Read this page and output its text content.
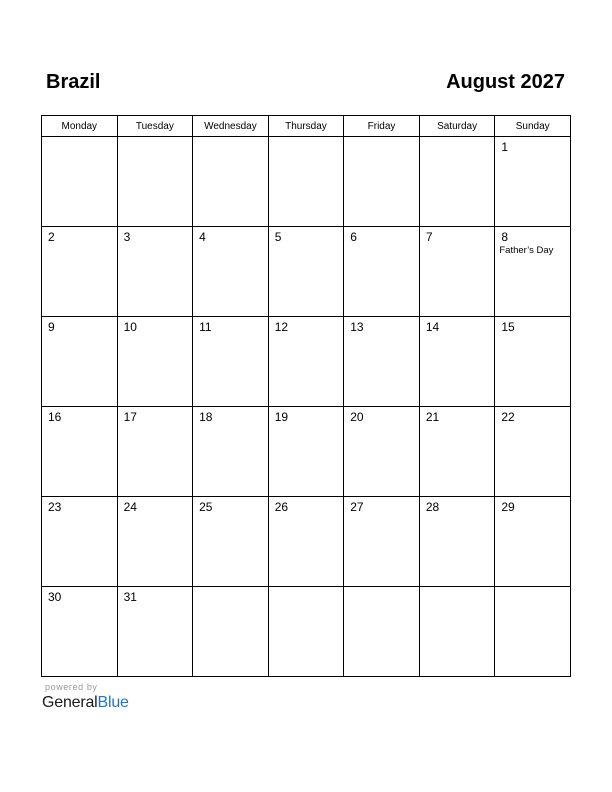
Brazil	August 2027
Monday	Tuesday	Wednesday	Thursday	Friday	Saturday	Sunday

						1

2	3	4	5	6	7	8
Father’s Day

9	10	11	12	13	14	15

16	17	18	19	20	21	22

23	24	25	26	27	28	29

30	31					

powered by
GeneralBlue
